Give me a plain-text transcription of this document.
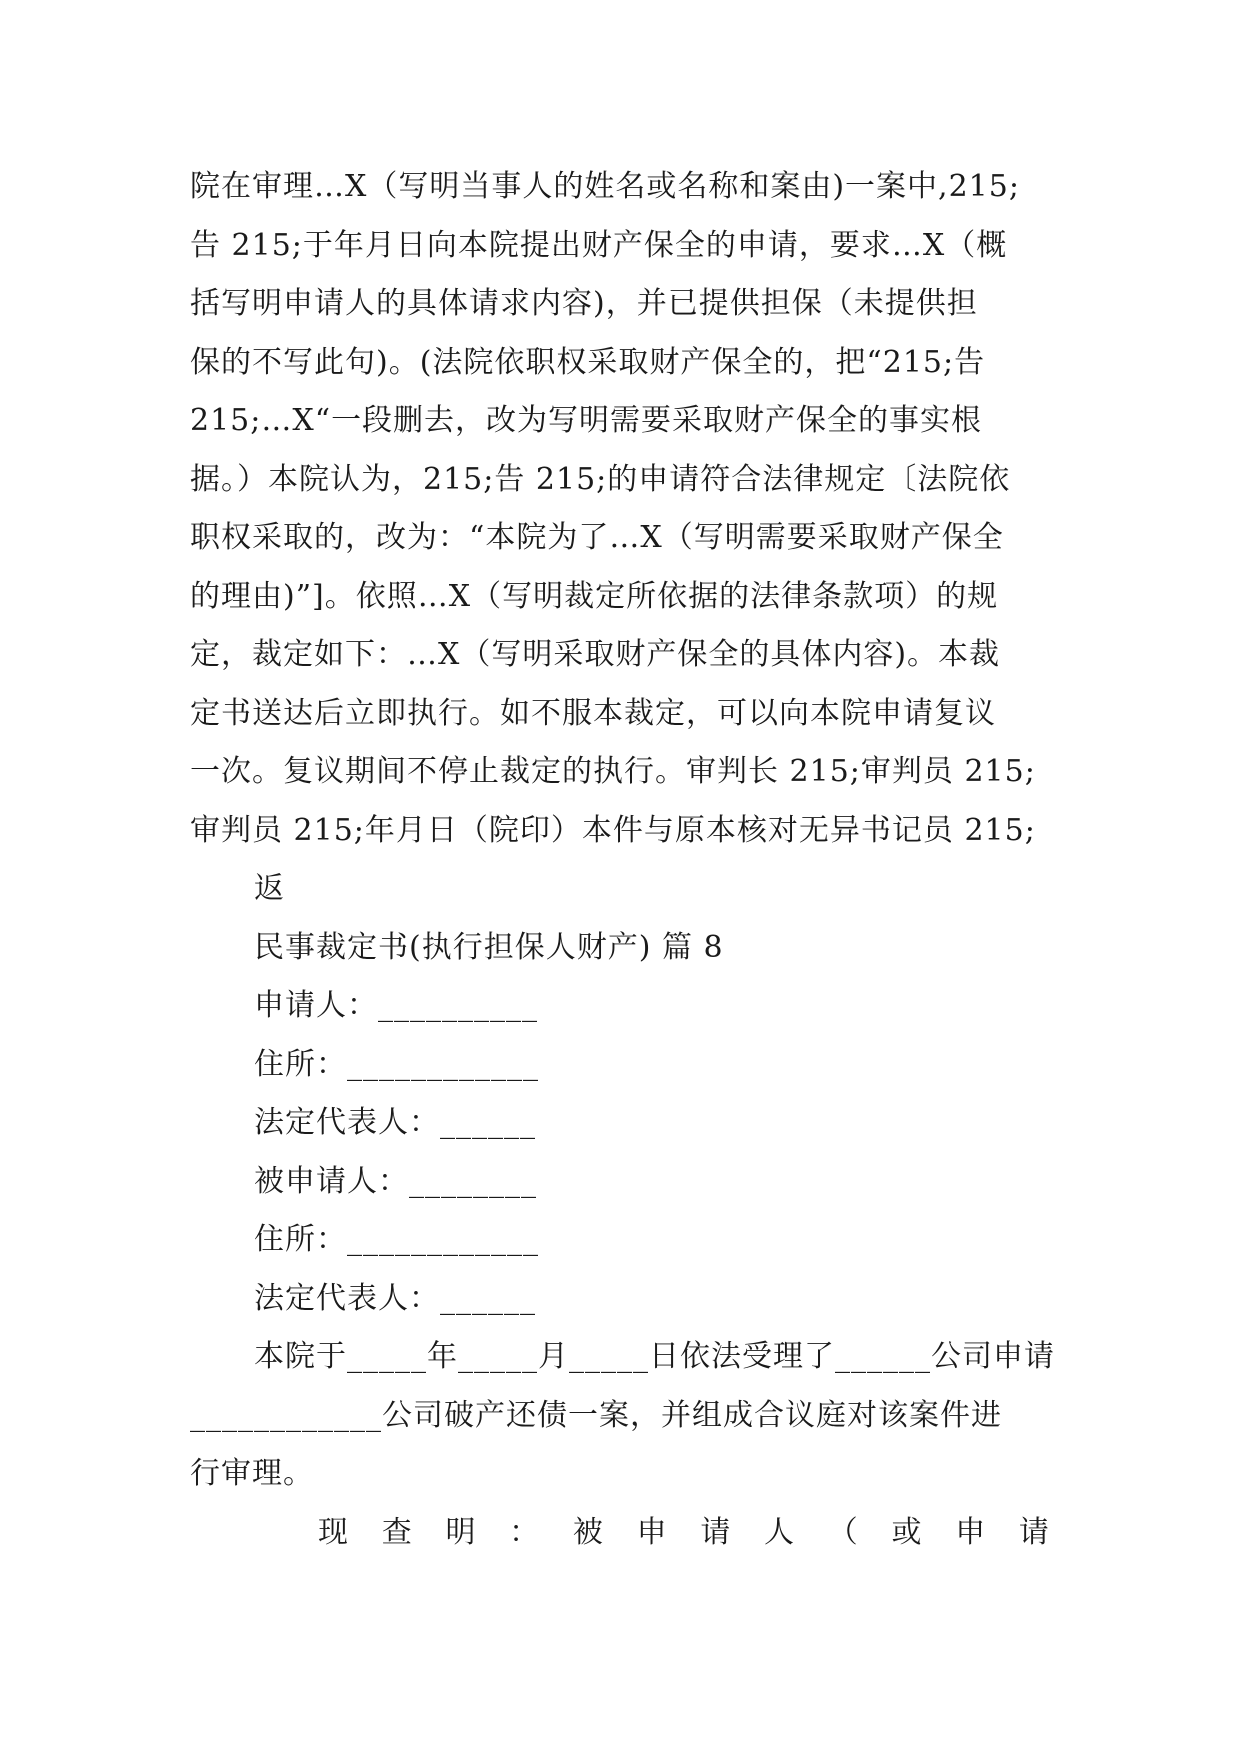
院在审理…X（写明当事人的姓名或名称和案由)一案中,215;
告 215;于年月日向本院提出财产保全的申请，要求…X（概
括写明申请人的具体请求内容)，并已提供担保（未提供担
保的不写此句)。(法院依职权采取财产保全的，把“215;告
215;…X“一段删去，改为写明需要采取财产保全的事实根
据。）本院认为，215;告 215;的申请符合法律规定〔法院依
职权采取的，改为：“本院为了…X（写明需要采取财产保全
的理由)”]。依照…X（写明裁定所依据的法律条款项）的规
定，裁定如下：…X（写明采取财产保全的具体内容)。本裁
定书送达后立即执行。如不服本裁定，可以向本院申请复议
一次。复议期间不停止裁定的执行。审判长 215;审判员 215;
审判员 215;年月日（院印）本件与原本核对无异书记员 215;
返
民事裁定书(执行担保人财产) 篇 8
申请人：__________
住所：____________
法定代表人：______
被申请人：________
住所：____________
法定代表人：______
本院于_____年_____月_____日依法受理了______公司申请
____________公司破产还债一案，并组成合议庭对该案件进
行审理。
现 查 明 ： 被 申 请 人 （ 或 申 请
